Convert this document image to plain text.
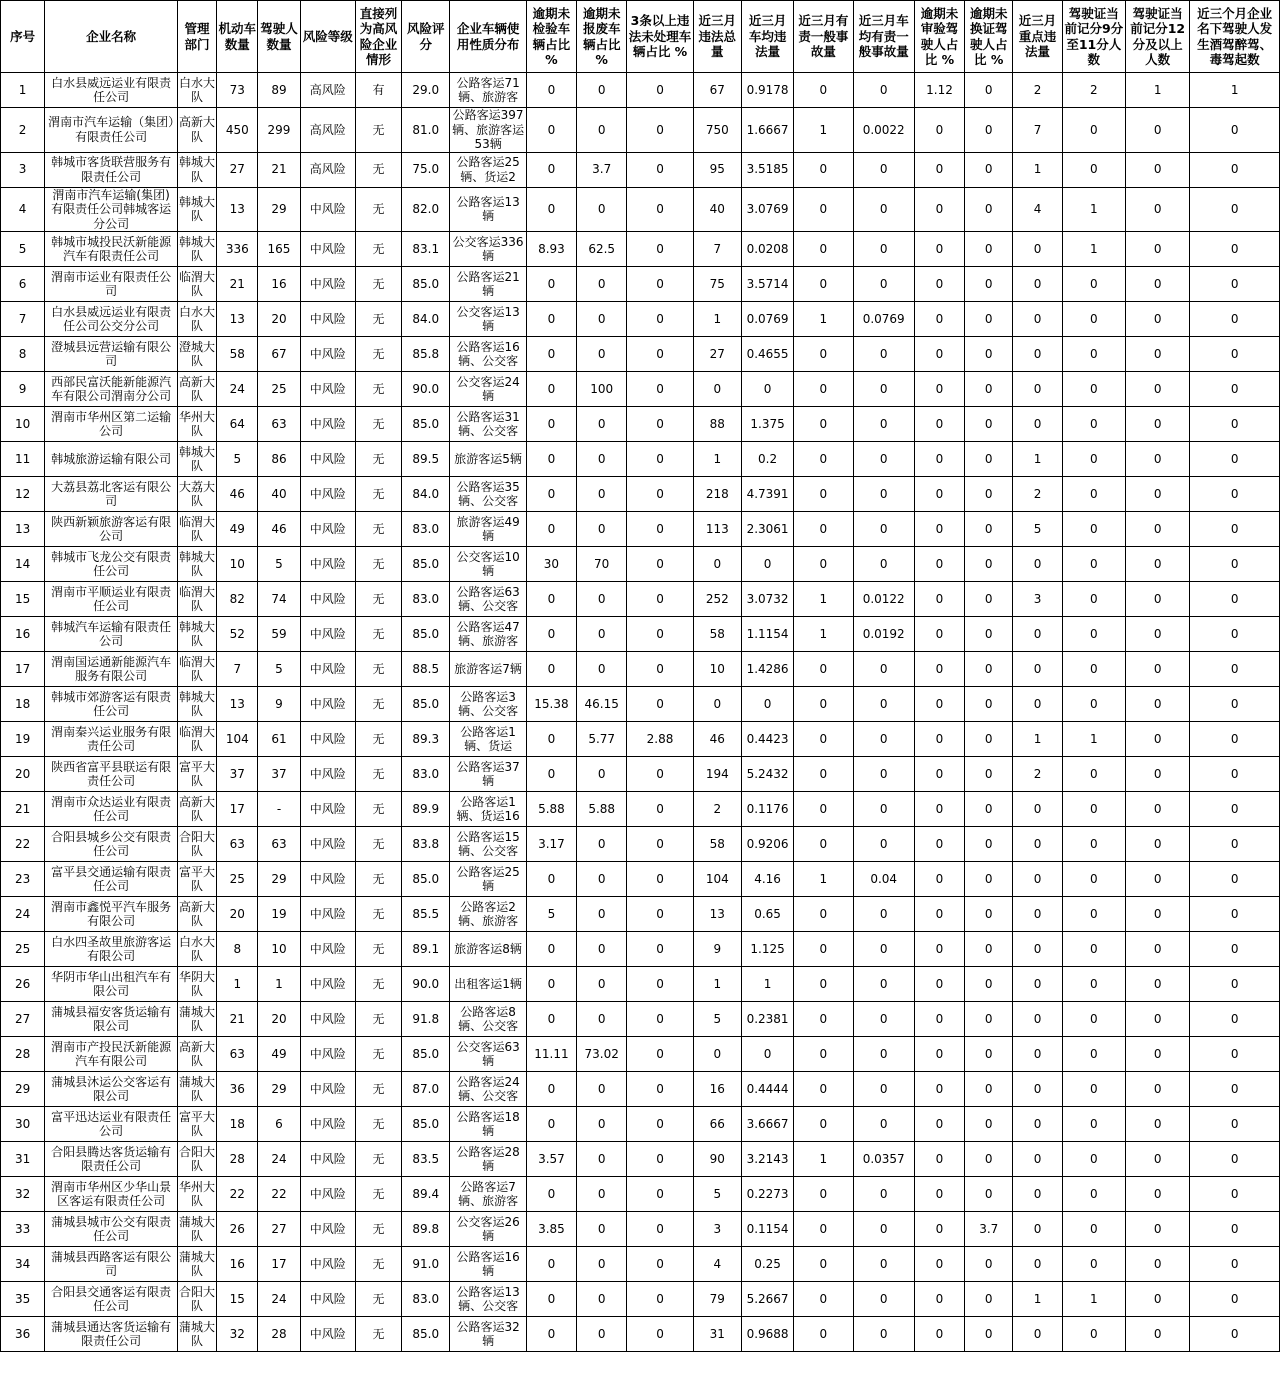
序号	企业名称	管理部门	机动车数量	驾驶人数量	风险等级	直接列为高风险企业情形	风险评分	企业车辆使用性质分布	逾期未检验车辆占比 %	逾期未报废车辆占比 %	3条以上违法未处理车辆占比 %	近三月违法总量	近三月车均违法量	近三月有责一般事故量	近三月车均有责一般事故量	逾期未审验驾驶人占比 %	逾期未换证驾驶人占比 %	近三月重点违法量	驾驶证当前记分9分至11分人数	驾驶证当前记分12分及以上人数	近三个月企业名下驾驶人发生酒驾醉驾、毒驾起数
1	白水县威远运业有限责任公司	白水大队	73	89	高风险	有	29.0	公路客运71辆、旅游客	0	0	0	67	0.9178	0	0	1.12	0	2	2	1	1
2	渭南市汽车运输（集团）有限责任公司	高新大队	450	299	高风险	无	81.0	公路客运397辆、旅游客运53辆	0	0	0	750	1.6667	1	0.0022	0	0	7	0	0	0
3	韩城市客货联营服务有限责任公司	韩城大队	27	21	高风险	无	75.0	公路客运25辆、货运2	0	3.7	0	95	3.5185	0	0	0	0	1	0	0	0
4	渭南市汽车运输(集团)有限责任公司韩城客运分公司	韩城大队	13	29	中风险	无	82.0	公路客运13辆	0	0	0	40	3.0769	0	0	0	0	4	1	0	0
5	韩城市城投民沃新能源汽车有限责任公司	韩城大队	336	165	中风险	无	83.1	公交客运336辆	8.93	62.5	0	7	0.0208	0	0	0	0	0	1	0	0
6	渭南市运业有限责任公司	临渭大队	21	16	中风险	无	85.0	公路客运21辆	0	0	0	75	3.5714	0	0	0	0	0	0	0	0
7	白水县威远运业有限责任公司公交分公司	白水大队	13	20	中风险	无	84.0	公交客运13辆	0	0	0	1	0.0769	1	0.0769	0	0	0	0	0	0
8	澄城县远营运输有限公司	澄城大队	58	67	中风险	无	85.8	公路客运16辆、公交客	0	0	0	27	0.4655	0	0	0	0	0	0	0	0
9	西部民富沃能新能源汽车有限公司渭南分公司	高新大队	24	25	中风险	无	90.0	公交客运24辆	0	100	0	0	0	0	0	0	0	0	0	0	0
10	渭南市华州区第二运输公司	华州大队	64	63	中风险	无	85.0	公路客运31辆、公交客	0	0	0	88	1.375	0	0	0	0	0	0	0	0
11	韩城旅游运输有限公司	韩城大队	5	86	中风险	无	89.5	旅游客运5辆	0	0	0	1	0.2	0	0	0	0	1	0	0	0
12	大荔县荔北客运有限公司	大荔大队	46	40	中风险	无	84.0	公路客运35辆、公交客	0	0	0	218	4.7391	0	0	0	0	2	0	0	0
13	陕西新颖旅游客运有限公司	临渭大队	49	46	中风险	无	83.0	旅游客运49辆	0	0	0	113	2.3061	0	0	0	0	5	0	0	0
14	韩城市飞龙公交有限责任公司	韩城大队	10	5	中风险	无	85.0	公交客运10辆	30	70	0	0	0	0	0	0	0	0	0	0	0
15	渭南市平顺运业有限责任公司	临渭大队	82	74	中风险	无	83.0	公路客运63辆、公交客	0	0	0	252	3.0732	1	0.0122	0	0	3	0	0	0
16	韩城汽车运输有限责任公司	韩城大队	52	59	中风险	无	85.0	公路客运47辆、旅游客	0	0	0	58	1.1154	1	0.0192	0	0	0	0	0	0
17	渭南国运通新能源汽车服务有限公司	临渭大队	7	5	中风险	无	88.5	旅游客运7辆	0	0	0	10	1.4286	0	0	0	0	0	0	0	0
18	韩城市郊游客运有限责任公司	韩城大队	13	9	中风险	无	85.0	公路客运3辆、公交客	15.38	46.15	0	0	0	0	0	0	0	0	0	0	0
19	渭南秦兴运业服务有限责任公司	临渭大队	104	61	中风险	无	89.3	公路客运1辆、货运	0	5.77	2.88	46	0.4423	0	0	0	0	1	1	0	0
20	陕西省富平县联运有限责任公司	富平大队	37	37	中风险	无	83.0	公路客运37辆	0	0	0	194	5.2432	0	0	0	0	2	0	0	0
21	渭南市众达运业有限责任公司	高新大队	17	-	中风险	无	89.9	公路客运1辆、货运16	5.88	5.88	0	2	0.1176	0	0	0	0	0	0	0	0
22	合阳县城乡公交有限责任公司	合阳大队	63	63	中风险	无	83.8	公路客运15辆、公交客	3.17	0	0	58	0.9206	0	0	0	0	0	0	0	0
23	富平县交通运输有限责任公司	富平大队	25	29	中风险	无	85.0	公路客运25辆	0	0	0	104	4.16	1	0.04	0	0	0	0	0	0
24	渭南市鑫悦平汽车服务有限公司	高新大队	20	19	中风险	无	85.5	公路客运2辆、旅游客	5	0	0	13	0.65	0	0	0	0	0	0	0	0
25	白水四圣故里旅游客运有限公司	白水大队	8	10	中风险	无	89.1	旅游客运8辆	0	0	0	9	1.125	0	0	0	0	0	0	0	0
26	华阴市华山出租汽车有限公司	华阴大队	1	1	中风险	无	90.0	出租客运1辆	0	0	0	1	1	0	0	0	0	0	0	0	0
27	蒲城县福安客货运输有限公司	蒲城大队	21	20	中风险	无	91.8	公路客运8辆、公交客	0	0	0	5	0.2381	0	0	0	0	0	0	0	0
28	渭南市产投民沃新能源汽车有限公司	高新大队	63	49	中风险	无	85.0	公交客运63辆	11.11	73.02	0	0	0	0	0	0	0	0	0	0	0
29	蒲城县沐运公交客运有限公司	蒲城大队	36	29	中风险	无	87.0	公路客运24辆、公交客	0	0	0	16	0.4444	0	0	0	0	0	0	0	0
30	富平迅达运业有限责任公司	富平大队	18	6	中风险	无	85.0	公路客运18辆	0	0	0	66	3.6667	0	0	0	0	0	0	0	0
31	合阳县腾达客货运输有限责任公司	合阳大队	28	24	中风险	无	83.5	公路客运28辆	3.57	0	0	90	3.2143	1	0.0357	0	0	0	0	0	0
32	渭南市华州区少华山景区客运有限责任公司	华州大队	22	22	中风险	无	89.4	公路客运7辆、旅游客	0	0	0	5	0.2273	0	0	0	0	0	0	0	0
33	蒲城县城市公交有限责任公司	蒲城大队	26	27	中风险	无	89.8	公交客运26辆	3.85	0	0	3	0.1154	0	0	0	3.7	0	0	0	0
34	蒲城县西路客运有限公司	蒲城大队	16	17	中风险	无	91.0	公路客运16辆	0	0	0	4	0.25	0	0	0	0	0	0	0	0
35	合阳县交通客运有限责任公司	合阳大队	15	24	中风险	无	83.0	公路客运13辆、公交客	0	0	0	79	5.2667	0	0	0	0	1	1	0	0
36	蒲城县通达客货运输有限责任公司	蒲城大队	32	28	中风险	无	85.0	公路客运32辆	0	0	0	31	0.9688	0	0	0	0	0	0	0	0
